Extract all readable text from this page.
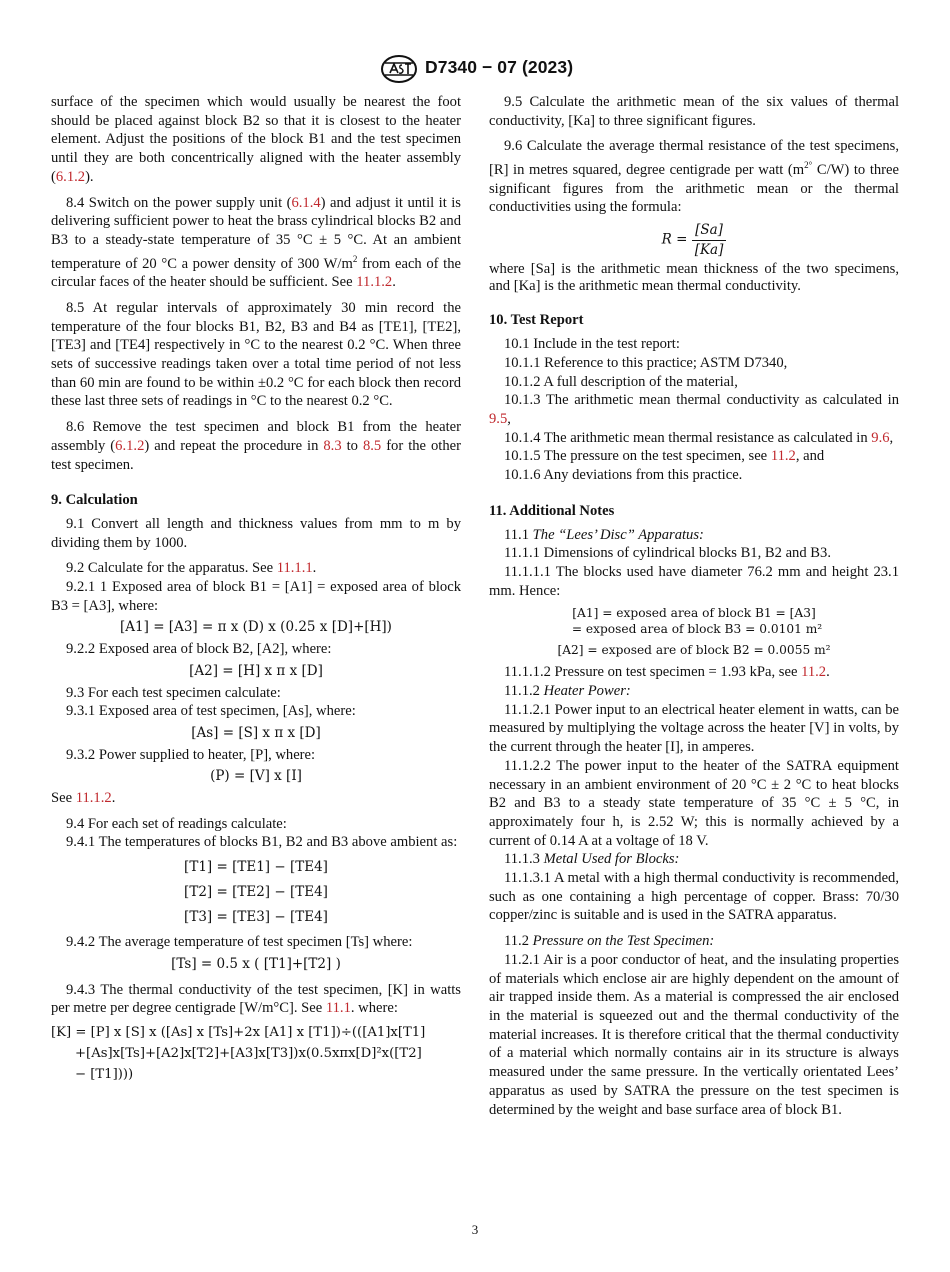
D7340 − 07 (2023)

surface of the specimen which would usually be nearest the foot should be placed against block B2 so that it is closest to the heater element. Adjust the positions of the block B1 and the test specimen until they are both concentrically aligned with the heater assembly (6.1.2).

8.4 Switch on the power supply unit (6.1.4) and adjust it until it is delivering sufficient power to heat the brass cylindrical blocks B2 and B3 to a steady-state temperature of 35 °C ± 5 °C. At an ambient temperature of 20 °C a power density of 300 $W/m^2$ from each of the circular faces of the heater should be sufficient. See 11.1.2.

8.5 At regular intervals of approximately 30 min record the temperature of the four blocks B1, B2, B3 and B4 as [TE1], [TE2], [TE3] and [TE4] respectively in °C to the nearest 0.2 °C. When three sets of successive readings taken over a total time period of not less than 60 min are found to be within ±0.2 °C for each block then record these last three sets of readings in °C to the nearest 0.2 °C.

8.6 Remove the test specimen and block B1 from the heater assembly (6.1.2) and repeat the procedure in 8.3 to 8.5 for the other test specimen.

9. Calculation

9.1 Convert all length and thickness values from mm to m by dividing them by 1000.

9.2 Calculate for the apparatus. See 11.1.1.

9.2.1 1 Exposed area of block B1 = [A1] = exposed area of block B3 = [A3], where:

[A1] = [A3] = π x (D) x (0.25 x [D]+[H])

9.2.2 Exposed area of block B2, [A2], where:

[A2] = [H] x π x [D]

9.3 For each test specimen calculate:

9.3.1 Exposed area of test specimen, [As], where:

[As] = [S] x π x [D]

9.3.2 Power supplied to heater, [P], where:

(P) = [V] x [I]

See 11.1.2.

9.4 For each set of readings calculate:

9.4.1 The temperatures of blocks B1, B2 and B3 above ambient as:

[T1] = [TE1] − [TE4]
[T2] = [TE2] − [TE4]
[T3] = [TE3] − [TE4]

9.4.2 The average temperature of test specimen [Ts] where:

[Ts] = 0.5 x ( [T1]+[T2] )

9.4.3 The thermal conductivity of the test specimen, [K] in watts per metre per degree centigrade [W/m°C]. See 11.1. where:

[K] = [P] x [S] x ([As] x [Ts]+2x [A1] x [T1])÷(([A1]x[T1]
+[As]x[Ts]+[A2]x[T2]+[A3]x[T3])x(0.5xπx[D]²x([T2]
− [T1])))

9.5 Calculate the arithmetic mean of the six values of thermal conductivity, [Ka] to three significant figures.

9.6 Calculate the average thermal resistance of the test specimens, [R] in metres squared, degree centigrade per watt ($m^{2^\circ}$ C/W) to three significant figures from the arithmetic mean or the thermal conductivities using the formula:

$R = \frac{[Sa]}{[Ka]}$

where [Sa] is the arithmetic mean thickness of the two specimens, and [Ka] is the arithmetic mean thermal conductivity.

10. Test Report

10.1 Include in the test report:

10.1.1 Reference to this practice; ASTM D7340,

10.1.2 A full description of the material,

10.1.3 The arithmetic mean thermal conductivity as calculated in 9.5,

10.1.4 The arithmetic mean thermal resistance as calculated in 9.6,

10.1.5 The pressure on the test specimen, see 11.2, and

10.1.6 Any deviations from this practice.

11. Additional Notes

11.1 The “Lees’ Disc” Apparatus:

11.1.1 Dimensions of cylindrical blocks B1, B2 and B3.

11.1.1.1 The blocks used have diameter 76.2 mm and height 23.1 mm. Hence:

[A1] = exposed area of block B1 = [A3]
= exposed area of block B3 = 0.0101 m²
[A2] = exposed are of block B2 = 0.0055 m²

11.1.1.2 Pressure on test specimen = 1.93 kPa, see 11.2.

11.1.2 Heater Power:

11.1.2.1 Power input to an electrical heater element in watts, can be measured by multiplying the voltage across the heater [V] in volts, by the current through the heater [I], in amperes.

11.1.2.2 The power input to the heater of the SATRA equipment necessary in an ambient environment of 20 °C ± 2 °C to heat blocks B2 and B3 to a steady state temperature of 35 °C ± 5 °C, in approximately four h, is 2.52 W; this is normally achieved by a current of 0.14 A at a voltage of 18 V.

11.1.3 Metal Used for Blocks:

11.1.3.1 A metal with a high thermal conductivity is recommended, such as one containing a high percentage of copper. Brass: 70/30 copper/zinc is suitable and is used in the SATRA apparatus.

11.2 Pressure on the Test Specimen:

11.2.1 Air is a poor conductor of heat, and the insulating properties of materials which enclose air are highly dependent on the amount of air trapped inside them. As a material is compressed the air enclosed in the material is squeezed out and the thermal conductivity of the material increases. It is therefore critical that the thermal conductivity of a material which normally contains air in its structure is always measured under the same pressure. In the vertically orientated Lees’ apparatus as used by SATRA the pressure on the test specimen is determined by the weight and base surface area of block B1.

3
